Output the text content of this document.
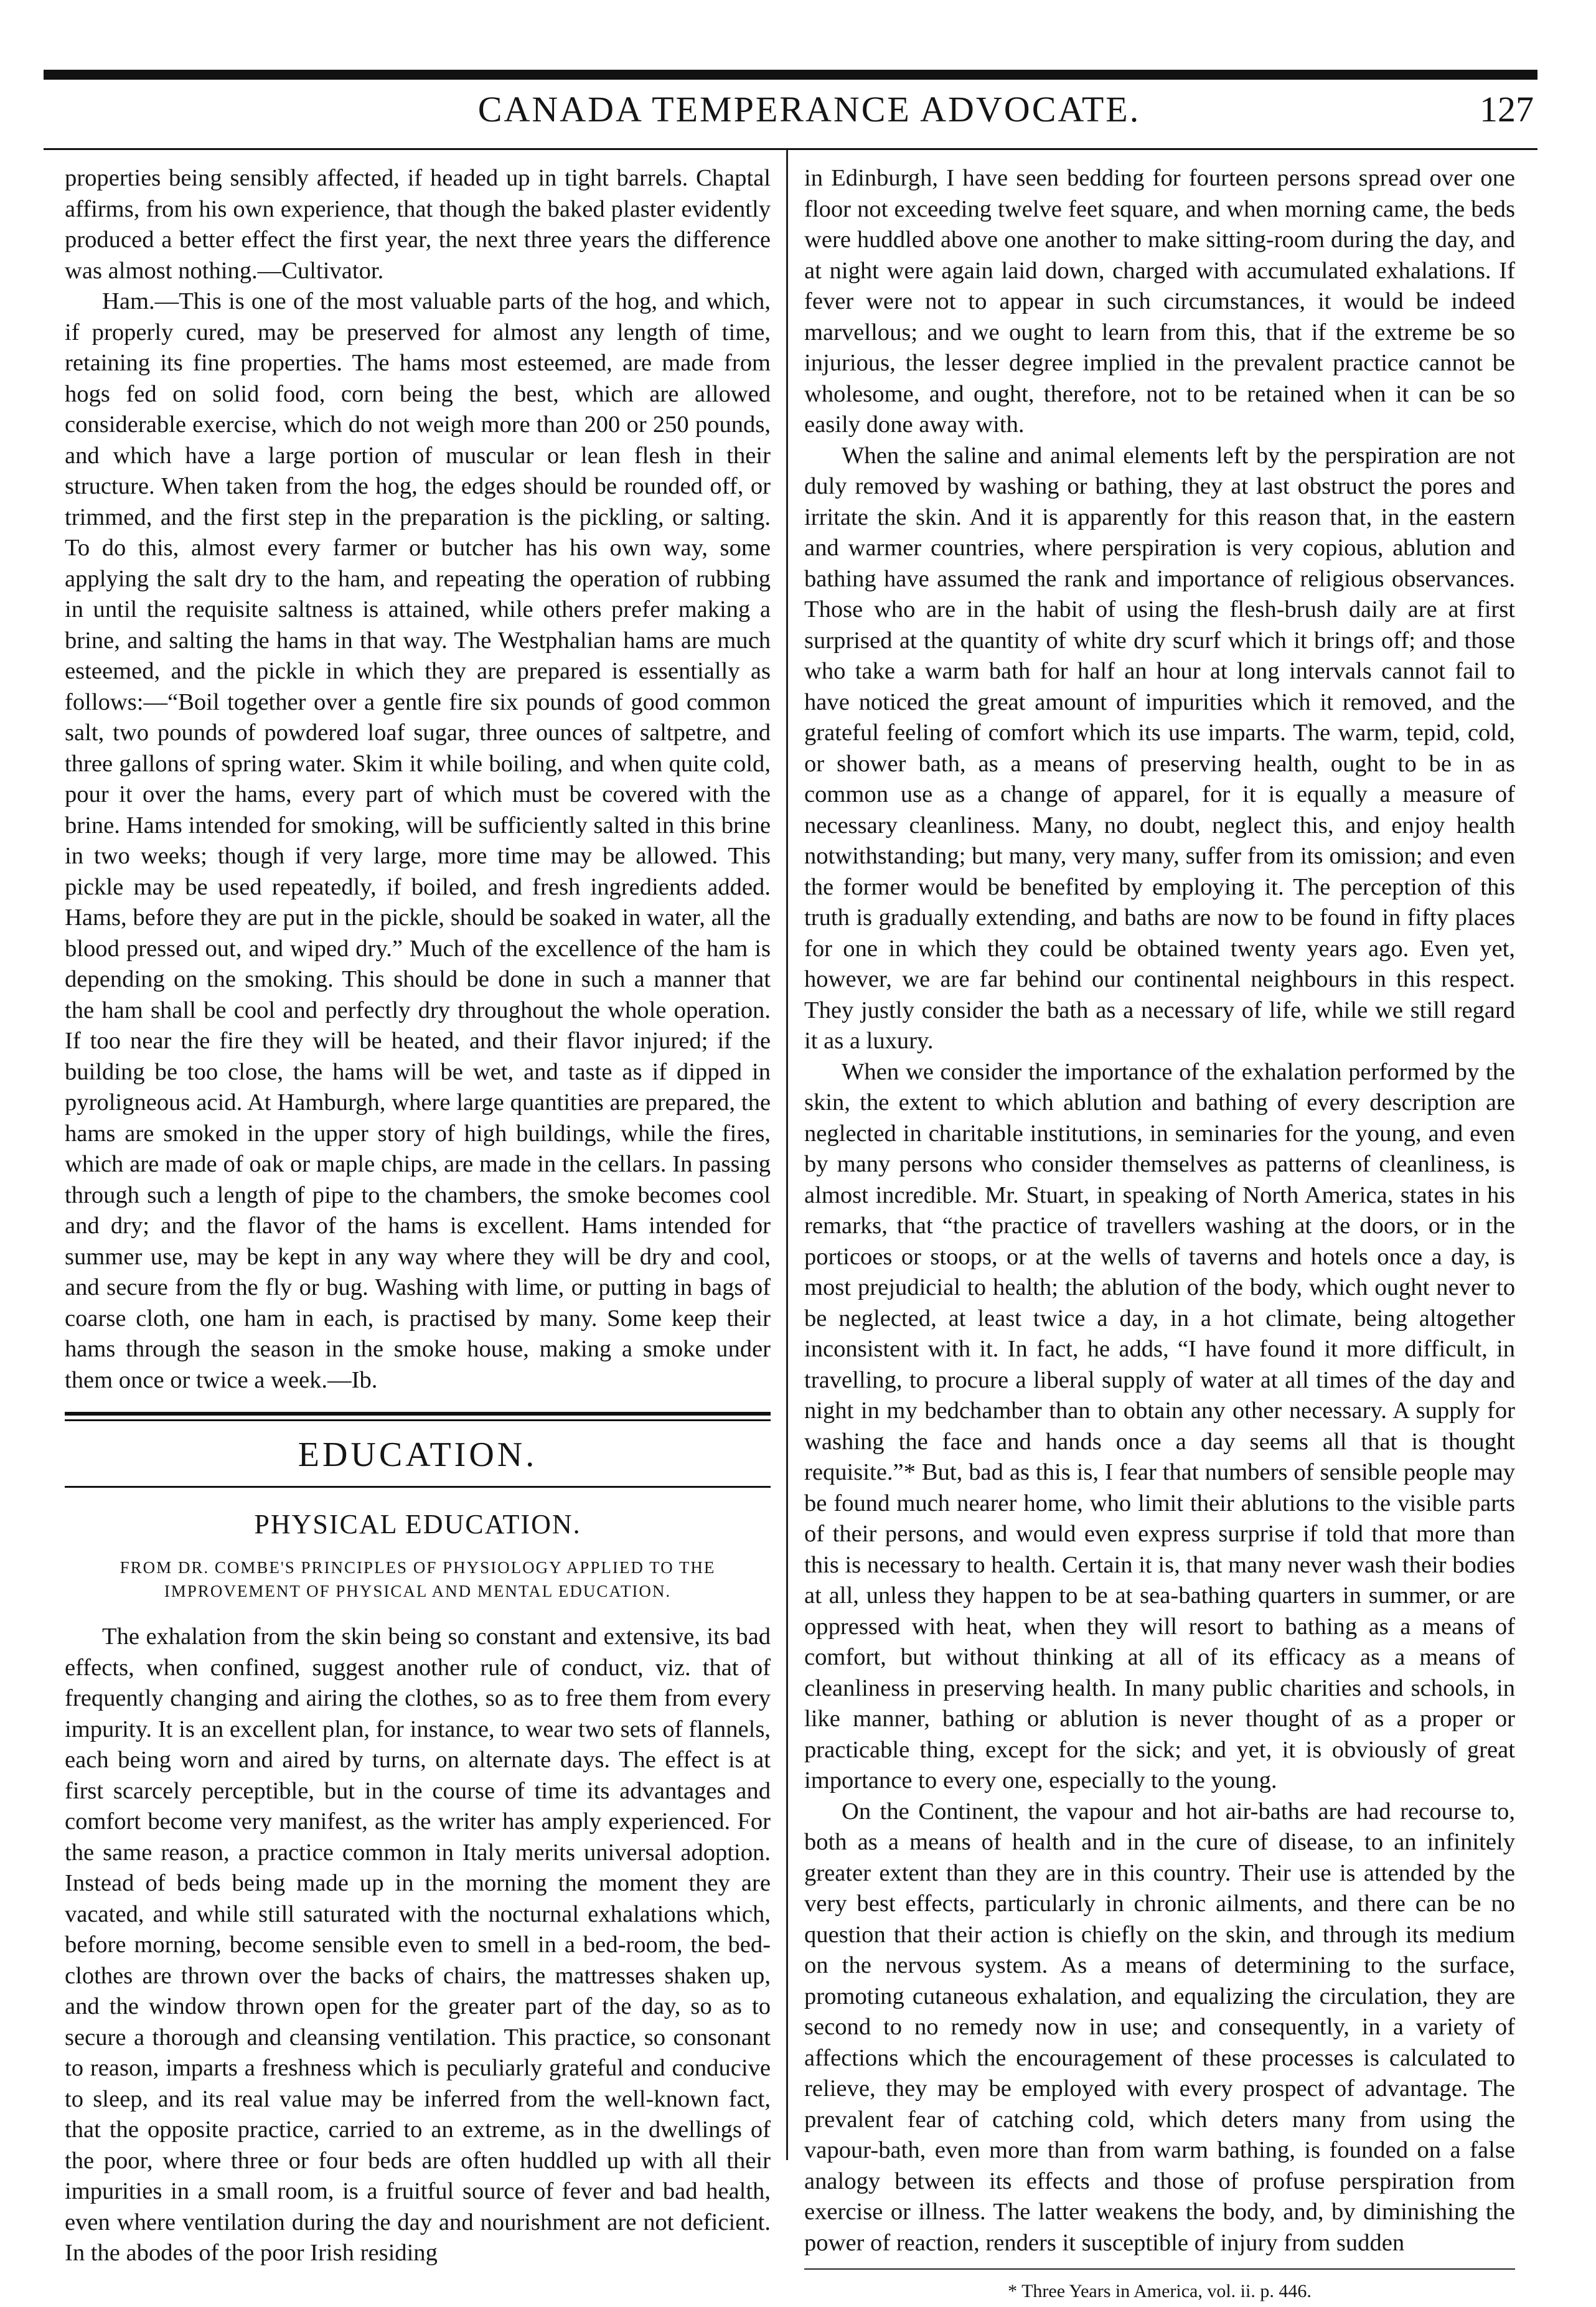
CANADA TEMPERANCE ADVOCATE.	127

properties being sensibly affected, if headed up in tight barrels. Chaptal affirms, from his own experience, that though the baked plaster evidently produced a better effect the first year, the next three years the difference was almost nothing.—Cultivator.

Ham.—This is one of the most valuable parts of the hog, and which, if properly cured, may be preserved for almost any length of time, retaining its fine properties. The hams most esteemed, are made from hogs fed on solid food, corn being the best, which are allowed considerable exercise, which do not weigh more than 200 or 250 pounds, and which have a large portion of muscular or lean flesh in their structure. When taken from the hog, the edges should be rounded off, or trimmed, and the first step in the preparation is the pickling, or salting. To do this, almost every farmer or butcher has his own way, some applying the salt dry to the ham, and repeating the operation of rubbing in until the requisite saltness is attained, while others prefer making a brine, and salting the hams in that way. The Westphalian hams are much esteemed, and the pickle in which they are prepared is essentially as follows:—“Boil together over a gentle fire six pounds of good common salt, two pounds of powdered loaf sugar, three ounces of saltpetre, and three gallons of spring water. Skim it while boiling, and when quite cold, pour it over the hams, every part of which must be covered with the brine. Hams intended for smoking, will be sufficiently salted in this brine in two weeks; though if very large, more time may be allowed. This pickle may be used repeatedly, if boiled, and fresh ingredients added. Hams, before they are put in the pickle, should be soaked in water, all the blood pressed out, and wiped dry.” Much of the excellence of the ham is depending on the smoking. This should be done in such a manner that the ham shall be cool and perfectly dry throughout the whole operation. If too near the fire they will be heated, and their flavor injured; if the building be too close, the hams will be wet, and taste as if dipped in pyroligneous acid. At Hamburgh, where large quantities are prepared, the hams are smoked in the upper story of high buildings, while the fires, which are made of oak or maple chips, are made in the cellars. In passing through such a length of pipe to the chambers, the smoke becomes cool and dry; and the flavor of the hams is excellent. Hams intended for summer use, may be kept in any way where they will be dry and cool, and secure from the fly or bug. Washing with lime, or putting in bags of coarse cloth, one ham in each, is practised by many. Some keep their hams through the season in the smoke house, making a smoke under them once or twice a week.—Ib.

EDUCATION.
PHYSICAL EDUCATION.
FROM DR. COMBE'S PRINCIPLES OF PHYSIOLOGY APPLIED TO THE IMPROVEMENT OF PHYSICAL AND MENTAL EDUCATION.

The exhalation from the skin being so constant and extensive, its bad effects, when confined, suggest another rule of conduct, viz. that of frequently changing and airing the clothes, so as to free them from every impurity. It is an excellent plan, for instance, to wear two sets of flannels, each being worn and aired by turns, on alternate days. The effect is at first scarcely perceptible, but in the course of time its advantages and comfort become very manifest, as the writer has amply experienced. For the same reason, a practice common in Italy merits universal adoption. Instead of beds being made up in the morning the moment they are vacated, and while still saturated with the nocturnal exhalations which, before morning, become sensible even to smell in a bed-room, the bed-clothes are thrown over the backs of chairs, the mattresses shaken up, and the window thrown open for the greater part of the day, so as to secure a thorough and cleansing ventilation. This practice, so consonant to reason, imparts a freshness which is peculiarly grateful and conducive to sleep, and its real value may be inferred from the well-known fact, that the opposite practice, carried to an extreme, as in the dwellings of the poor, where three or four beds are often huddled up with all their impurities in a small room, is a fruitful source of fever and bad health, even where ventilation during the day and nourishment are not deficient. In the abodes of the poor Irish residing

in Edinburgh, I have seen bedding for fourteen persons spread over one floor not exceeding twelve feet square, and when morning came, the beds were huddled above one another to make sitting-room during the day, and at night were again laid down, charged with accumulated exhalations. If fever were not to appear in such circumstances, it would be indeed marvellous; and we ought to learn from this, that if the extreme be so injurious, the lesser degree implied in the prevalent practice cannot be wholesome, and ought, therefore, not to be retained when it can be so easily done away with.

When the saline and animal elements left by the perspiration are not duly removed by washing or bathing, they at last obstruct the pores and irritate the skin. And it is apparently for this reason that, in the eastern and warmer countries, where perspiration is very copious, ablution and bathing have assumed the rank and importance of religious observances. Those who are in the habit of using the flesh-brush daily are at first surprised at the quantity of white dry scurf which it brings off; and those who take a warm bath for half an hour at long intervals cannot fail to have noticed the great amount of impurities which it removed, and the grateful feeling of comfort which its use imparts. The warm, tepid, cold, or shower bath, as a means of preserving health, ought to be in as common use as a change of apparel, for it is equally a measure of necessary cleanliness. Many, no doubt, neglect this, and enjoy health notwithstanding; but many, very many, suffer from its omission; and even the former would be benefited by employing it. The perception of this truth is gradually extending, and baths are now to be found in fifty places for one in which they could be obtained twenty years ago. Even yet, however, we are far behind our continental neighbours in this respect. They justly consider the bath as a necessary of life, while we still regard it as a luxury.

When we consider the importance of the exhalation performed by the skin, the extent to which ablution and bathing of every description are neglected in charitable institutions, in seminaries for the young, and even by many persons who consider themselves as patterns of cleanliness, is almost incredible. Mr. Stuart, in speaking of North America, states in his remarks, that “the practice of travellers washing at the doors, or in the porticoes or stoops, or at the wells of taverns and hotels once a day, is most prejudicial to health; the ablution of the body, which ought never to be neglected, at least twice a day, in a hot climate, being altogether inconsistent with it. In fact, he adds, “I have found it more difficult, in travelling, to procure a liberal supply of water at all times of the day and night in my bedchamber than to obtain any other necessary. A supply for washing the face and hands once a day seems all that is thought requisite.”* But, bad as this is, I fear that numbers of sensible people may be found much nearer home, who limit their ablutions to the visible parts of their persons, and would even express surprise if told that more than this is necessary to health. Certain it is, that many never wash their bodies at all, unless they happen to be at sea-bathing quarters in summer, or are oppressed with heat, when they will resort to bathing as a means of comfort, but without thinking at all of its efficacy as a means of cleanliness in preserving health. In many public charities and schools, in like manner, bathing or ablution is never thought of as a proper or practicable thing, except for the sick; and yet, it is obviously of great importance to every one, especially to the young.

On the Continent, the vapour and hot air-baths are had recourse to, both as a means of health and in the cure of disease, to an infinitely greater extent than they are in this country. Their use is attended by the very best effects, particularly in chronic ailments, and there can be no question that their action is chiefly on the skin, and through its medium on the nervous system. As a means of determining to the surface, promoting cutaneous exhalation, and equalizing the circulation, they are second to no remedy now in use; and consequently, in a variety of affections which the encouragement of these processes is calculated to relieve, they may be employed with every prospect of advantage. The prevalent fear of catching cold, which deters many from using the vapour-bath, even more than from warm bathing, is founded on a false analogy between its effects and those of profuse perspiration from exercise or illness. The latter weakens the body, and, by diminishing the power of reaction, renders it susceptible of injury from sudden

* Three Years in America, vol. ii. p. 446.
